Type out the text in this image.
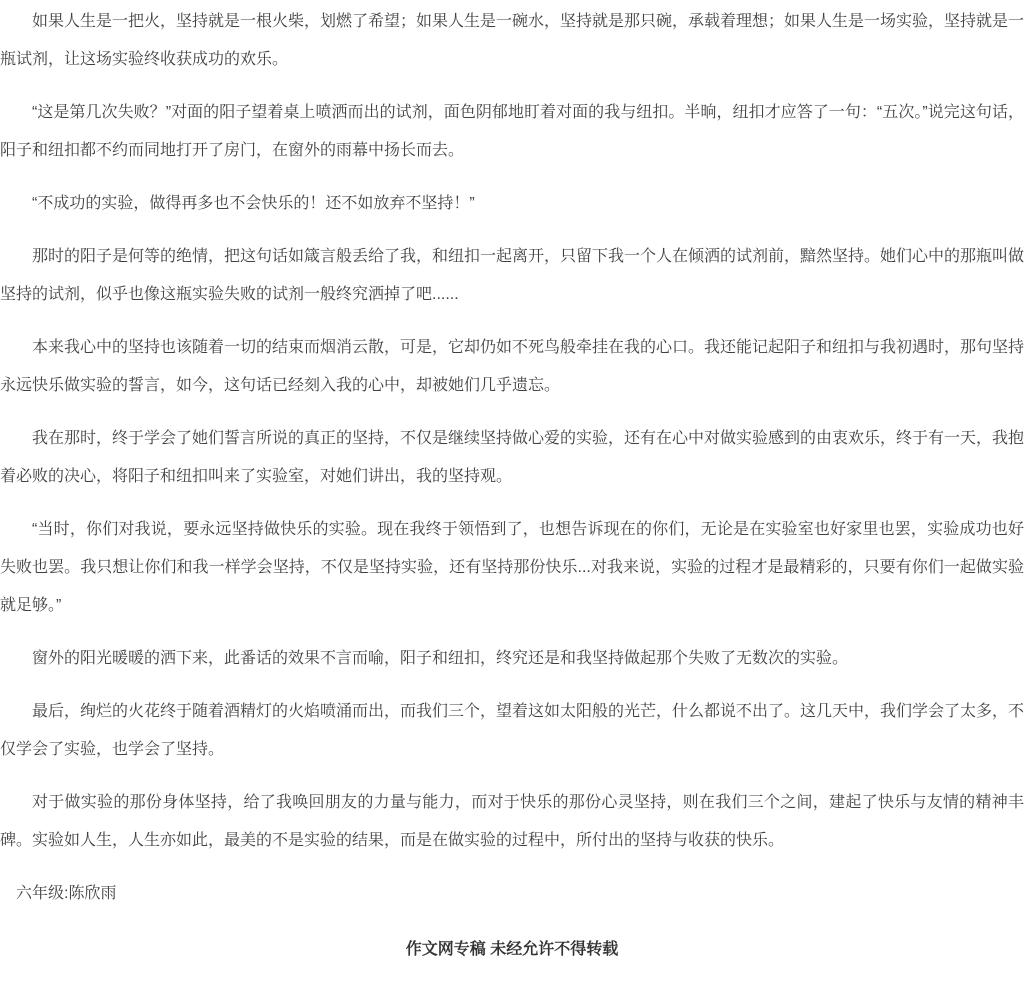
如果人生是一把火，坚持就是一根火柴，划燃了希望；如果人生是一碗水，坚持就是那只碗，承载着理想；如果人生是一场实验，坚持就是一瓶试剂，让这场实验终收获成功的欢乐。

“这是第几次失败？”对面的阳子望着桌上喷洒而出的试剂，面色阴郁地盯着对面的我与纽扣。半晌，纽扣才应答了一句：“五次。”说完这句话，阳子和纽扣都不约而同地打开了房门，在窗外的雨幕中扬长而去。

“不成功的实验，做得再多也不会快乐的！还不如放弃不坚持！”

那时的阳子是何等的绝情，把这句话如箴言般丢给了我，和纽扣一起离开，只留下我一个人在倾洒的试剂前，黯然坚持。她们心中的那瓶叫做坚持的试剂，似乎也像这瓶实验失败的试剂一般终究洒掉了吧......

本来我心中的坚持也该随着一切的结束而烟消云散，可是，它却仍如不死鸟般牵挂在我的心口。我还能记起阳子和纽扣与我初遇时，那句坚持永远快乐做实验的誓言，如今，这句话已经刻入我的心中，却被她们几乎遗忘。

我在那时，终于学会了她们誓言所说的真正的坚持，不仅是继续坚持做心爱的实验，还有在心中对做实验感到的由衷欢乐，终于有一天，我抱着必败的决心，将阳子和纽扣叫来了实验室，对她们讲出，我的坚持观。

“当时，你们对我说，要永远坚持做快乐的实验。现在我终于领悟到了，也想告诉现在的你们，无论是在实验室也好家里也罢，实验成功也好失败也罢。我只想让你们和我一样学会坚持，不仅是坚持实验，还有坚持那份快乐...对我来说，实验的过程才是最精彩的，只要有你们一起做实验就足够。”

窗外的阳光暖暖的洒下来，此番话的效果不言而喻，阳子和纽扣，终究还是和我坚持做起那个失败了无数次的实验。

最后，绚烂的火花终于随着酒精灯的火焰喷涌而出，而我们三个，望着这如太阳般的光芒，什么都说不出了。这几天中，我们学会了太多，不仅学会了实验，也学会了坚持。

对于做实验的那份身体坚持，给了我唤回朋友的力量与能力，而对于快乐的那份心灵坚持，则在我们三个之间，建起了快乐与友情的精神丰碑。实验如人生，人生亦如此，最美的不是实验的结果，而是在做实验的过程中，所付出的坚持与收获的快乐。

六年级:陈欣雨

作文网专稿 未经允许不得转载
